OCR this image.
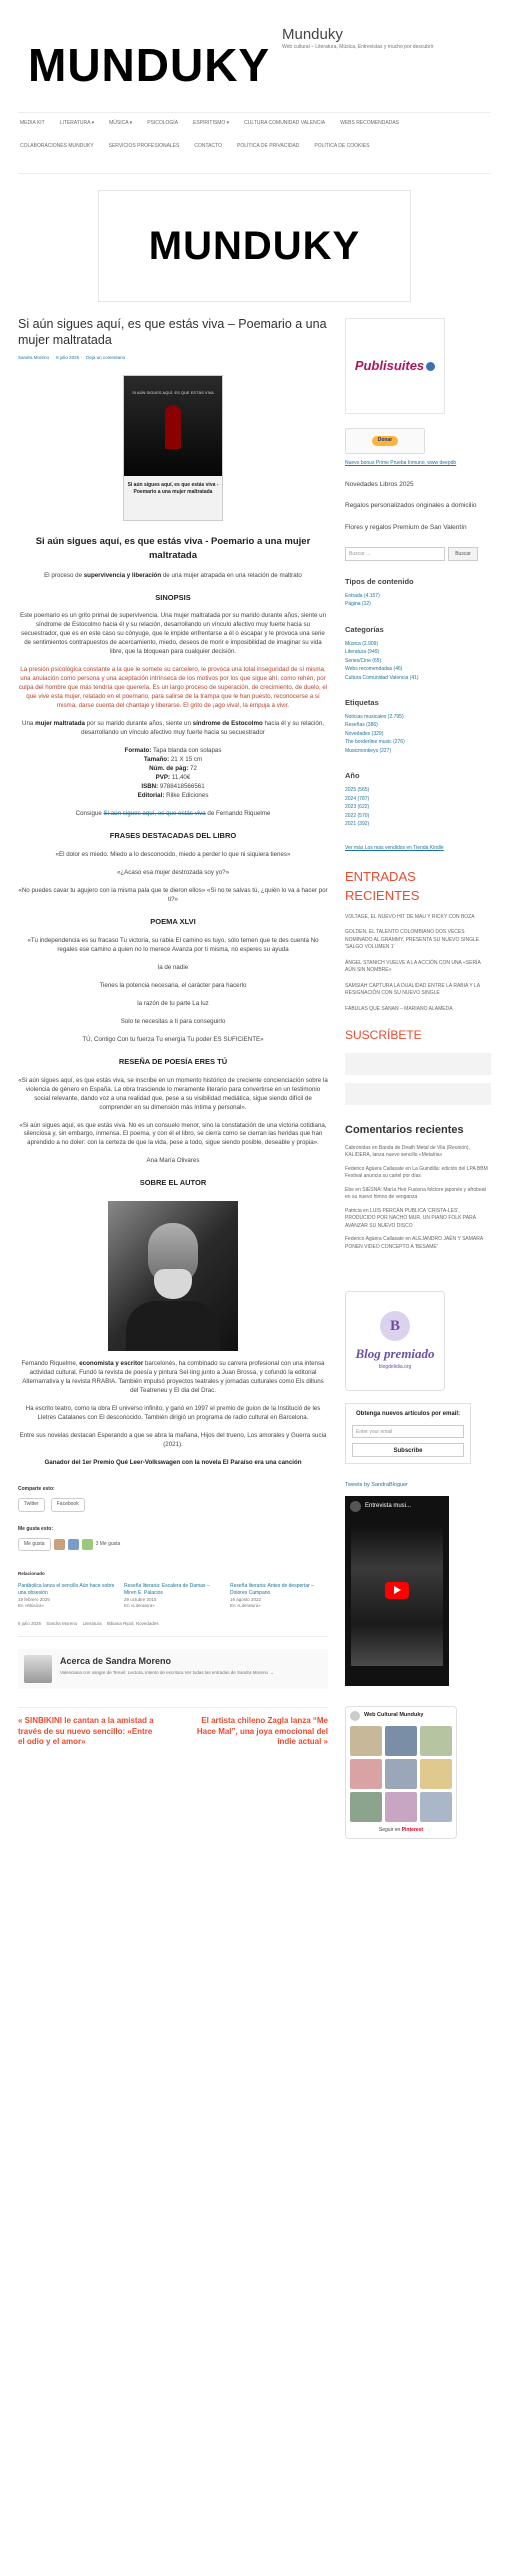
MUNDUKY
Munduky
Web cultural – Literatura, Música, Entrevistas y mucho por descubrir
MEDIA KIT	LITERATURA ▾	MÚSICA ▾	PSICOLOGÍA	ESPIRITISMO ▾	CULTURA COMUNIDAD VALENCIA	WEBS RECOMENDADAS
COLABORACIONES MUNDUKY	SERVICIOS PROFESIONALES	CONTACTO	POLÍTICA DE PRIVACIDAD	POLÍTICA DE COOKIES
MUNDUKY
Si aún sigues aquí, es que estás viva – Poemario a una mujer maltratada
Sandra Moreno · 8 julio 2025 · Deja un comentario
SI AÚN SIGUES AQUÍ, ES QUE ESTÁS VIVA
Si aún sigues aquí, es que estás viva - Poemario a una mujer maltratada
Si aún sigues aquí, es que estás viva - Poemario a una mujer maltratada

El proceso de supervivencia y liberación de una mujer atrapada en una relación de maltrato

SINOPSIS

Este poemario es un grito primal de supervivencia. Una mujer maltratada por su marido durante años, siente un síndrome de Estocolmo hacia él y su relación, desarrollando un vínculo afectivo muy fuerte hacia su secuestrador, que es en este caso su cónyuge, que le impide enfrentarse a él o escapar y le provoca una serie de sentimientos contrapuestos de acercamiento, miedo, deseos de morir e imposibilidad de imaginar su vida libre, que la bloquean para cualquier decisión.

La presión psicológica constante a la que le somete su carcelero, le provoca una total inseguridad de sí misma, una anulación como persona y una aceptación intrínseca de los motivos por los que sigue ahí, como rehén, por culpa del hombre que más tendría que quererla. Es un largo proceso de superación, de crecimiento, de duelo, el que vive esta mujer, relatado en el poemario, para salirse de la trampa que le han puesto, reconocerse a sí misma, darse cuenta del chantaje y liberarse. El grito de ¡ago viva!, la empuja a vivir.

Una mujer maltratada por su marido durante años, siente un síndrome de Estocolmo hacia él y su relación, desarrollando un vínculo afectivo muy fuerte hacia su secuestrador

Formato: Tapa blanda con solapas
Tamaño: 21 X 15 cm
Núm. de pág: 72
PVP: 11,40€
ISBN: 9788418566561
Editorial: Rilke Ediciones

Consigue Si aún sigues aquí, es que estás viva de Fernando Riquelme

FRASES DESTACADAS DEL LIBRO

«El dolor es miedo. Miedo a lo desconocido, miedo a perder lo que ni siquiera tienes»

«¿Acaso esa mujer destrozada soy yo?»

«No puedes cavar tu agujero con la misma pala que te dieron ellos» «Si no te salvas tú, ¿quién lo va a hacer por ti?»

POEMA XLVI

«Tu independencia es su fracaso Tu victoria, su rabia El camino es tuyo, sólo temen que te des cuenta No regales ese camino a quien no lo merece Avanza por ti misma, no esperes su ayuda

la de nadie

Tienes la potencia necesaria, el carácter para hacerlo

la razón de tu parte La luz

Solo te necesitas a ti para conseguirlo

TÚ, Contigo Con tu fuerza Tu energía Tu poder ES SUFICIENTE»

RESEÑA DE POESÍA ERES TÚ

«Si aún sigues aquí, es que estás viva, se inscribe en un momento histórico de creciente concienciación sobre la violencia de género en España. La obra trasciende lo meramente literario para convertirse en un testimonio social relevante, dando voz a una realidad que, pese a su visibilidad mediática, sigue siendo difícil de comprender en su dimensión más íntima y personal».

«Si aún sigues aquí, es que estás viva. No es un consuelo menor, sino la constatación de una victoria cotidiana, silenciosa y, sin embargo, inmensa. El poema, y con él el libro, se cierra como se cierran las heridas que han aprendido a no doler: con la certeza de que la vida, pese a todo, sigue siendo posible, deseable y propia».

Ana María Olivares

SOBRE EL AUTOR

Fernando Riquelme, economista y escritor barcelonés, ha combinado su carrera profesional con una intensa actividad cultural. Fundó la revista de poesía y pintura Sel·ling junto a Juan Brossa, y cofundó la editorial Alternarrativa y la revista RRABIA. También impulsó proyectos teatrales y jornadas culturales como Els dilluns del Teatreneu y El dia del Drac.

Ha escrito teatro, como la obra El universo infinito, y ganó en 1997 el premio de guion de la Institució de les Lletres Catalanes con El desconocido. También dirigió un programa de radio cultural en Barcelona.

Entre sus novelas destacan Esperando a que se abra la mañana, Hijos del trueno, Los amorales y Guerra sucia (2021).

Ganador del 1er Premio Qué Leer-Volkswagen con la novela El Paraíso era una canción

Comparte esto:
Twitter	Facebook
Me gusta esto:
Me gusta	3 Me gusta
Relacionado
Parábolica lanza el sencillo Aún hace sobre una obsesión
19 febrero 2025
En «Música»
Reseña literaria: Escalera de Damas – Miren E. Palacios
29 octubre 2015
En «Literatura»
Reseña literaria: Antes de despertar – Dolores Campano
19 agosto 2022
En «Literatura»
8 julio 2025 Sandra Moreno Literatura Bibiana Ripol, Novedades
Acerca de Sandra Moreno
Valenciana con sangre de Teruel. Lectora, intento de escritora Ver todas las entradas de Sandra Moreno →
« SINBIKINI le cantan a la amistad a través de su nuevo sencillo: «Entre el odio y el amor»
El artista chileno Zagla lanza “Me Hace Mal”, una joya emocional del indie actual »
Publisuites
Donar
Nuevo bonus Prime Prueba Inmuno, www deepdb
Novedades Libros 2025
Regalos personalizados originales a domicilio
Flores y regalos Premium de San Valentín
Buscar …	Buscar
Tipos de contenido
Entrada (4.157)
Página (12)
Categorías
Música (2.909)
Literatura (949)
Series/Cine (65)
Webs recomendadas (46)
Cultura Comunidad Valencia (41)
Etiquetas
Noticias musicales (2.795)
Reseñas (386)
Novedades (329)
The borderline music (276)
Musicmonkeys (227)
Año
2025 (565)
2024 (787)
2023 (622)
2022 (570)
2021 (392)
Ver más Los más vendidos en Tienda Kindle
ENTRADAS RECIENTES
VOLTAGE, EL NUEVO HIT DE MAU Y RICKY CON BOZA
GOLDEN, EL TALENTO COLOMBIANO DOS VECES NOMINADO AL GRAMMY, PRESENTA SU NUEVO SINGLE 'SALGO VOLUMEN 1'
ÁNGEL STANICH VUELVE A LA ACCIÓN CON UNA «SERÍA AÚN SIN NOMBRE»
SAMSIAH CAPTURA LA DUALIDAD ENTRE LA RABIA Y LA RESIGNACIÓN CON SU NUEVO SINGLE
FÁBULAS QUE SANAN – MARIANO ALAMEDA
SUSCRÍBETE
Comentarios recientes
Cabrónidas en Banda de Death Metal de Vila (Reunión), KALIDERA, lanza nuevo sencillo «Metalria»
Federico Agüera Callasate en La Guindilla: edición del LPA BBM Festival anuncia su cartel por días
Ebe en SIESNA: María Heir Fusiona folclore japonés y afrobeat en su nuevo himno de venganza
Patricia en LUIS PERCÁN PUBLICA 'CRISTA-LES', PRODUCIDO POR NACHO MUR. UN PIANO FOLK PARA AVANZAR SU NUEVO DISCO
Federico Agüera Callasate en ALEJANDRO JAÉN Y SAMARA PONEN VIDEO CONCEPTO A 'BESAME'
B
Blog premiado
blogdelidia.org
Obtenga nuevos artículos por email:
Enter your email
Subscribe
Tweets by SandraBloguer
Entrevista musi...
Web Cultural Munduky
Seguir en Pinterest
